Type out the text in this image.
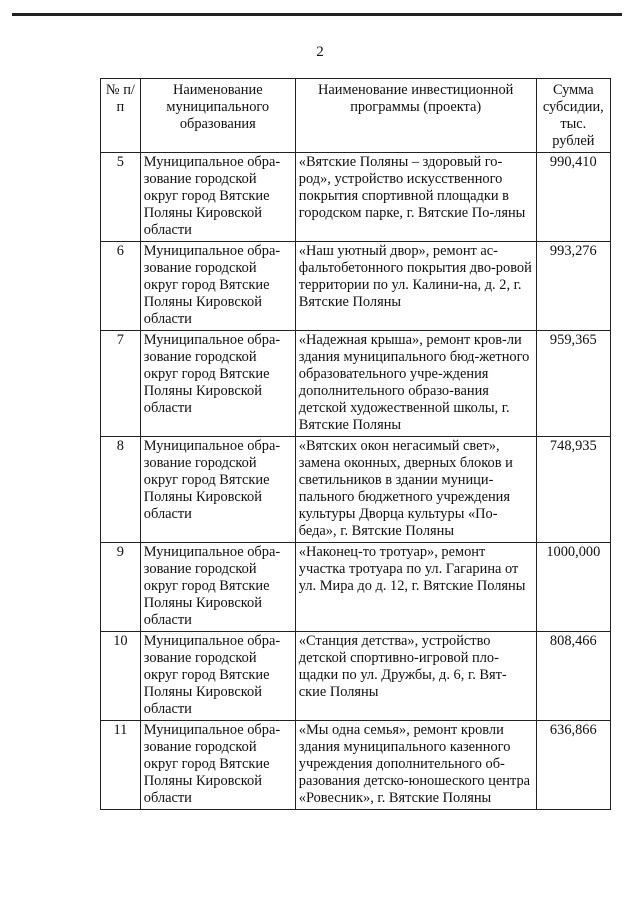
2
№ п/п	Наименование муниципального образования	Наименование инвестиционной программы (проекта)	Сумма субсидии, тыс. рублей
5	Муниципальное обра-зование городской округ город Вятские Поляны Кировской области	«Вятские Поляны – здоровый го-род», устройство искусственного покрытия спортивной площадки в городском парке, г. Вятские По-ляны	990,410
6	Муниципальное обра-зование городской округ город Вятские Поляны Кировской области	«Наш уютный двор», ремонт ас-фальтобетонного покрытия дво-ровой территории по ул. Калини-на, д. 2, г. Вятские Поляны	993,276
7	Муниципальное обра-зование городской округ город Вятские Поляны Кировской области	«Надежная крыша», ремонт кров-ли здания муниципального бюд-жетного образовательного учре-ждения дополнительного образо-вания детской художественной школы, г. Вятские Поляны	959,365
8	Муниципальное обра-зование городской округ город Вятские Поляны Кировской области	«Вятских окон негасимый свет», замена оконных, дверных блоков и светильников в здании муници-пального бюджетного учреждения культуры Дворца культуры «По-беда», г. Вятские Поляны	748,935
9	Муниципальное обра-зование городской округ город Вятские Поляны Кировской области	«Наконец-то тротуар», ремонт участка тротуара по ул. Гагарина от ул. Мира до д. 12, г. Вятские Поляны	1000,000
10	Муниципальное обра-зование городской округ город Вятские Поляны Кировской области	«Станция детства», устройство детской спортивно-игровой пло-щадки по ул. Дружбы, д. 6, г. Вят-ские Поляны	808,466
11	Муниципальное обра-зование городской округ город Вятские Поляны Кировской области	«Мы одна семья», ремонт кровли здания муниципального казенного учреждения дополнительного об-разования детско-юношеского центра «Ровесник», г. Вятские Поляны	636,866
